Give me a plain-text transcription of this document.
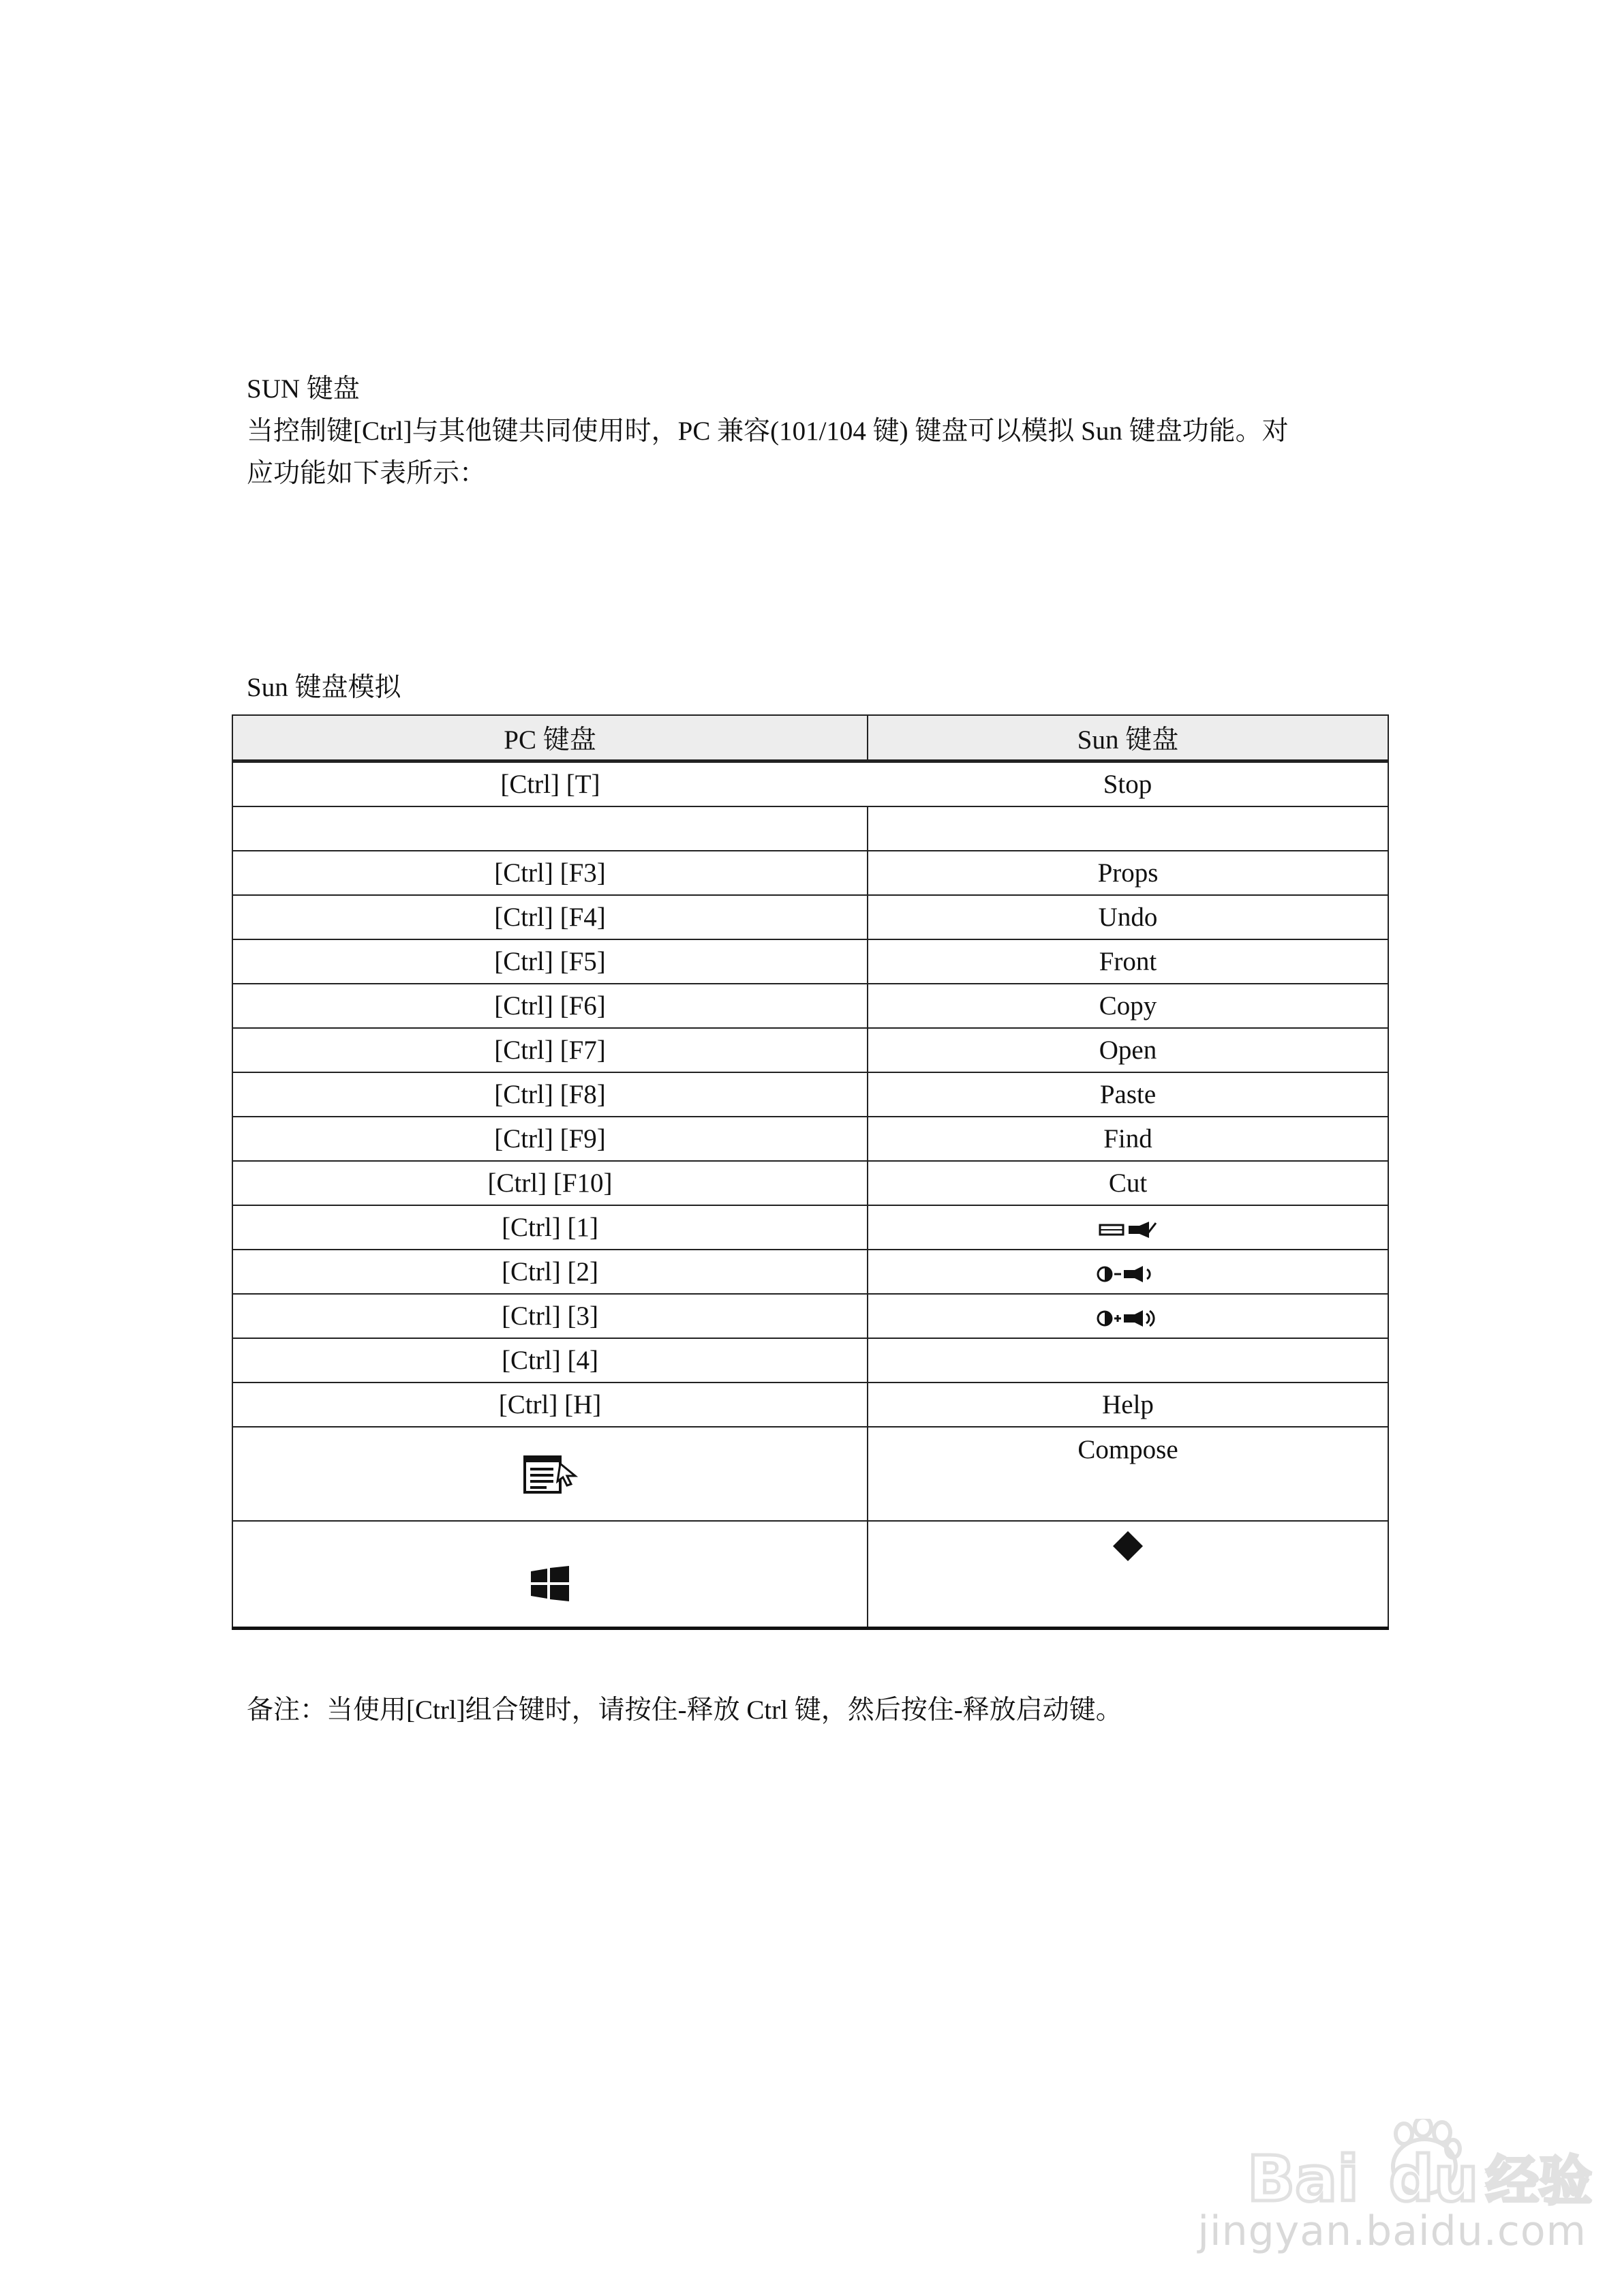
SUN 键盘
当控制键[Ctrl]与其他键共同使用时，PC 兼容(101/104 键) 键盘可以模拟 Sun 键盘功能。对
应功能如下表所示：
Sun 键盘模拟
PC 键盘	Sun 键盘

[Ctrl] [T] Stop	

[Ctrl] [F3]	Props
[Ctrl] [F4]	Undo
[Ctrl] [F5]	Front
[Ctrl] [F6]	Copy
[Ctrl] [F7]	Open
[Ctrl] [F8]	Paste
[Ctrl] [F9]	Find
[Ctrl] [F10]	Cut
[Ctrl] [1]	
[Ctrl] [2]	
[Ctrl] [3]	
[Ctrl] [4]	
[Ctrl] [H]	Help
	Compose

备注：当使用[Ctrl]组合键时，请按住-释放 Ctrl 键，然后按住-释放启动键。
Bai du 经验
jingyan.baidu.com
